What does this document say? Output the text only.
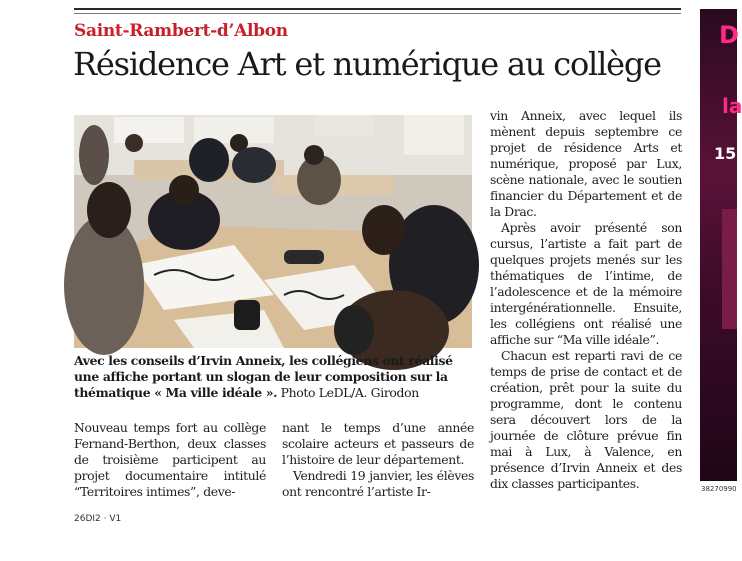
Saint-Rambert-d’Albon
Résidence Art et numérique au collège
Avec les conseils d’Irvin Anneix, les collégiens ont réalisé une affiche portant un slogan de leur composition sur la thématique « Ma ville idéale ». Photo LeDL/A. Girodon

Nouveau temps fort au collège Fernand-Berthon, deux classes de troisième participent au projet documentaire intitulé “Territoires intimes”, deve-

nant le temps d’une année scolaire acteurs et passeurs de l’histoire de leur département.

Vendredi 19 janvier, les élèves ont rencontré l’artiste Ir-

vin Anneix, avec lequel ils mènent depuis septembre ce projet de résidence Arts et numérique, proposé par Lux, scène nationale, avec le soutien financier du Département et de la Drac.

Après avoir présenté son cursus, l’artiste a fait part de quelques projets menés sur les thématiques de l’intime, de l’adolescence et de la mémoire intergénérationnelle. Ensuite, les collégiens ont réalisé une affiche sur “Ma ville idéale”.

Chacun est reparti ravi de ce temps de prise de contact et de création, prêt pour la suite du programme, dont le contenu sera découvert lors de la journée de clôture prévue fin mai à Lux, à Valence, en présence d’Irvin Anneix et des dix classes participantes.

26DI2 · V1
D
la
15
38270990
